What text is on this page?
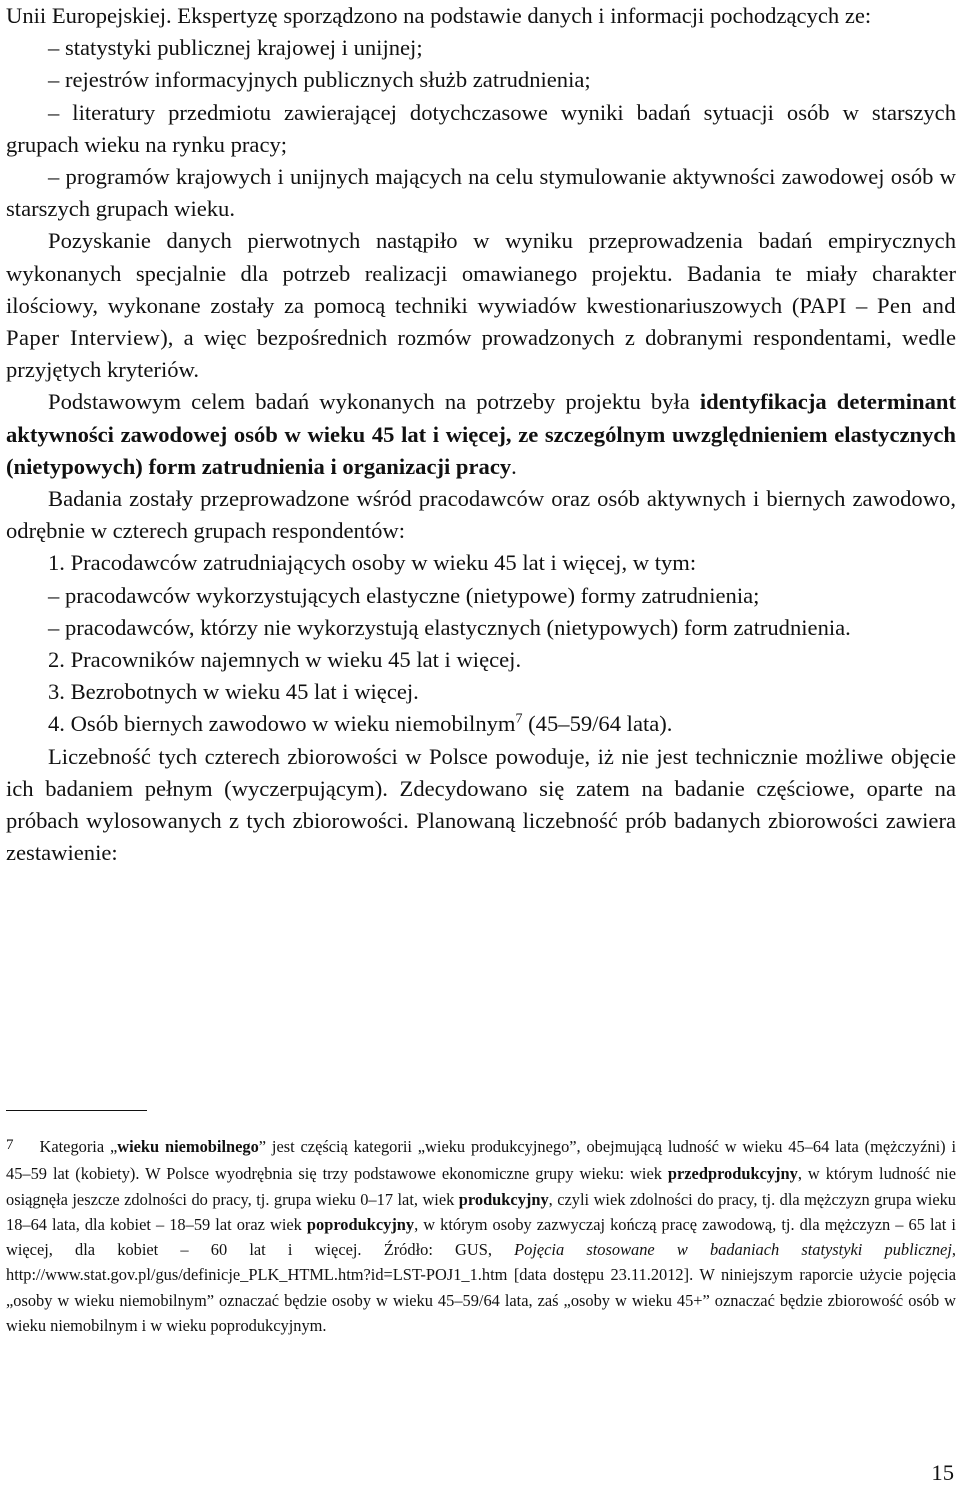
Unii Europejskiej. Ekspertyzę sporządzono na podstawie danych i informacji pochodzących ze:

– statystyki publicznej krajowej i unijnej;

– rejestrów informacyjnych publicznych służb zatrudnienia;

– literatury przedmiotu zawierającej dotychczasowe wyniki badań sytuacji osób w starszych grupach wieku na rynku pracy;

– programów krajowych i unijnych mających na celu stymulowanie aktywności zawodowej osób w starszych grupach wieku.

Pozyskanie danych pierwotnych nastąpiło w wyniku przeprowadzenia badań empirycznych wykonanych specjalnie dla potrzeb realizacji omawianego projektu. Badania te miały charakter ilościowy, wykonane zostały za pomocą techniki wywiadów kwestionariuszowych (PAPI – Pen and Paper Interview), a więc bezpośrednich rozmów prowadzonych z dobranymi respondentami, wedle przyjętych kryteriów.

Podstawowym celem badań wykonanych na potrzeby projektu była identyfikacja determinant aktywności zawodowej osób w wieku 45 lat i więcej, ze szczególnym uwzględnieniem elastycznych (nietypowych) form zatrudnienia i organizacji pracy.

Badania zostały przeprowadzone wśród pracodawców oraz osób aktywnych i biernych zawodowo, odrębnie w czterech grupach respondentów:

1. Pracodawców zatrudniających osoby w wieku 45 lat i więcej, w tym:

– pracodawców wykorzystujących elastyczne (nietypowe) formy zatrudnienia;

– pracodawców, którzy nie wykorzystują elastycznych (nietypowych) form zatrudnienia.

2. Pracowników najemnych w wieku 45 lat i więcej.

3. Bezrobotnych w wieku 45 lat i więcej.

4. Osób biernych zawodowo w wieku niemobilnym$^7$ (45–59/64 lata).

Liczebność tych czterech zbiorowości w Polsce powoduje, iż nie jest technicznie możliwe objęcie ich badaniem pełnym (wyczerpującym). Zdecydowano się zatem na badanie częściowe, oparte na próbach wylosowanych z tych zbiorowości. Planowaną liczebność prób badanych zbiorowości zawiera zestawienie:

7 Kategoria „wieku niemobilnego” jest częścią kategorii „wieku produkcyjnego”, obejmującą ludność w wieku 45–64 lata (mężczyźni) i 45–59 lat (kobiety). W Polsce wyodrębnia się trzy podstawowe ekonomiczne grupy wieku: wiek przedprodukcyjny, w którym ludność nie osiągnęła jeszcze zdolności do pracy, tj. grupa wieku 0–17 lat, wiek produkcyjny, czyli wiek zdolności do pracy, tj. dla mężczyzn grupa wieku 18–64 lata, dla kobiet – 18–59 lat oraz wiek poprodukcyjny, w którym osoby zazwyczaj kończą pracę zawodową, tj. dla mężczyzn – 65 lat i więcej, dla kobiet – 60 lat i więcej. Źródło: GUS, Pojęcia stosowane w badaniach statystyki publicznej, http://www.stat.gov.pl/gus/definicje_PLK_HTML.htm?id=LST-POJ1_1.htm [data dostępu 23.11.2012]. W niniejszym raporcie użycie pojęcia „osoby w wieku niemobilnym” oznaczać będzie osoby w wieku 45–59/64 lata, zaś „osoby w wieku 45+” oznaczać będzie zbiorowość osób w wieku niemobilnym i w wieku poprodukcyjnym.

15
